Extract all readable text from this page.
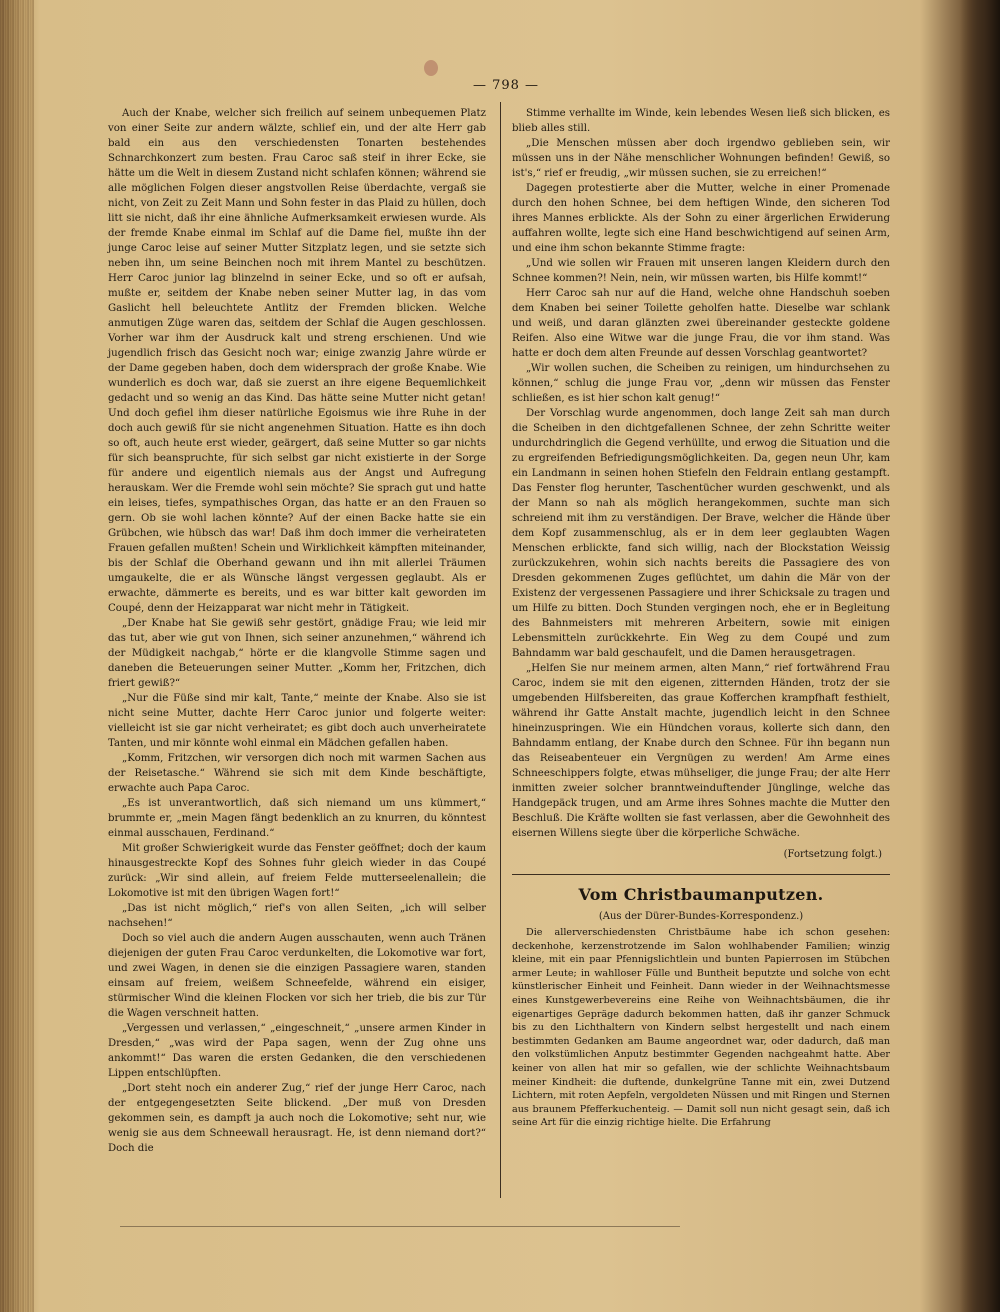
— 798 —

Auch der Knabe, welcher sich freilich auf seinem unbequemen Platz von einer Seite zur andern wälzte, schlief ein, und der alte Herr gab bald ein aus den verschiedensten Tonarten bestehendes Schnarchkonzert zum besten. Frau Caroc saß steif in ihrer Ecke, sie hätte um die Welt in diesem Zustand nicht schlafen können; während sie alle möglichen Folgen dieser angstvollen Reise überdachte, vergaß sie nicht, von Zeit zu Zeit Mann und Sohn fester in das Plaid zu hüllen, doch litt sie nicht, daß ihr eine ähnliche Aufmerksamkeit erwiesen wurde. Als der fremde Knabe einmal im Schlaf auf die Dame fiel, mußte ihn der junge Caroc leise auf seiner Mutter Sitzplatz legen, und sie setzte sich neben ihn, um seine Beinchen noch mit ihrem Mantel zu beschützen. Herr Caroc junior lag blinzelnd in seiner Ecke, und so oft er aufsah, mußte er, seitdem der Knabe neben seiner Mutter lag, in das vom Gaslicht hell beleuchtete Antlitz der Fremden blicken. Welche anmutigen Züge waren das, seitdem der Schlaf die Augen geschlossen. Vorher war ihm der Ausdruck kalt und streng erschienen. Und wie jugendlich frisch das Gesicht noch war; einige zwanzig Jahre würde er der Dame gegeben haben, doch dem widersprach der große Knabe. Wie wunderlich es doch war, daß sie zuerst an ihre eigene Bequemlichkeit gedacht und so wenig an das Kind. Das hätte seine Mutter nicht getan! Und doch gefiel ihm dieser natürliche Egoismus wie ihre Ruhe in der doch auch gewiß für sie nicht angenehmen Situation. Hatte es ihn doch so oft, auch heute erst wieder, geärgert, daß seine Mutter so gar nichts für sich beanspruchte, für sich selbst gar nicht existierte in der Sorge für andere und eigentlich niemals aus der Angst und Aufregung herauskam. Wer die Fremde wohl sein möchte? Sie sprach gut und hatte ein leises, tiefes, sympathisches Organ, das hatte er an den Frauen so gern. Ob sie wohl lachen könnte? Auf der einen Backe hatte sie ein Grübchen, wie hübsch das war! Daß ihm doch immer die verheirateten Frauen gefallen mußten! Schein und Wirklichkeit kämpften miteinander, bis der Schlaf die Oberhand gewann und ihn mit allerlei Träumen umgaukelte, die er als Wünsche längst vergessen geglaubt. Als er erwachte, dämmerte es bereits, und es war bitter kalt geworden im Coupé, denn der Heizapparat war nicht mehr in Tätigkeit.

„Der Knabe hat Sie gewiß sehr gestört, gnädige Frau; wie leid mir das tut, aber wie gut von Ihnen, sich seiner anzunehmen,“ während ich der Müdigkeit nachgab,“ hörte er die klangvolle Stimme sagen und daneben die Beteuerungen seiner Mutter. „Komm her, Fritzchen, dich friert gewiß?“

„Nur die Füße sind mir kalt, Tante,“ meinte der Knabe. Also sie ist nicht seine Mutter, dachte Herr Caroc junior und folgerte weiter: vielleicht ist sie gar nicht verheiratet; es gibt doch auch unverheiratete Tanten, und mir könnte wohl einmal ein Mädchen gefallen haben.

„Komm, Fritzchen, wir versorgen dich noch mit warmen Sachen aus der Reisetasche.“ Während sie sich mit dem Kinde beschäftigte, erwachte auch Papa Caroc.

„Es ist unverantwortlich, daß sich niemand um uns kümmert,“ brummte er, „mein Magen fängt bedenklich an zu knurren, du könntest einmal ausschauen, Ferdinand.“

Mit großer Schwierigkeit wurde das Fenster geöffnet; doch der kaum hinausgestreckte Kopf des Sohnes fuhr gleich wieder in das Coupé zurück: „Wir sind allein, auf freiem Felde mutterseelenallein; die Lokomotive ist mit den übrigen Wagen fort!“

„Das ist nicht möglich,“ rief's von allen Seiten, „ich will selber nachsehen!“

Doch so viel auch die andern Augen ausschauten, wenn auch Tränen diejenigen der guten Frau Caroc verdunkelten, die Lokomotive war fort, und zwei Wagen, in denen sie die einzigen Passagiere waren, standen einsam auf freiem, weißem Schneefelde, während ein eisiger, stürmischer Wind die kleinen Flocken vor sich her trieb, die bis zur Tür die Wagen verschneit hatten.

„Vergessen und verlassen,“ „eingeschneit,“ „unsere armen Kinder in Dresden,“ „was wird der Papa sagen, wenn der Zug ohne uns ankommt!“ Das waren die ersten Gedanken, die den verschiedenen Lippen entschlüpften.

„Dort steht noch ein anderer Zug,“ rief der junge Herr Caroc, nach der entgegengesetzten Seite blickend. „Der muß von Dresden gekommen sein, es dampft ja auch noch die Lokomotive; seht nur, wie wenig sie aus dem Schneewall herausragt. He, ist denn niemand dort?“ Doch die

Stimme verhallte im Winde, kein lebendes Wesen ließ sich blicken, es blieb alles still.

„Die Menschen müssen aber doch irgendwo geblieben sein, wir müssen uns in der Nähe menschlicher Wohnungen befinden! Gewiß, so ist's,“ rief er freudig, „wir müssen suchen, sie zu erreichen!“

Dagegen protestierte aber die Mutter, welche in einer Promenade durch den hohen Schnee, bei dem heftigen Winde, den sicheren Tod ihres Mannes erblickte. Als der Sohn zu einer ärgerlichen Erwiderung auffahren wollte, legte sich eine Hand beschwichtigend auf seinen Arm, und eine ihm schon bekannte Stimme fragte:

„Und wie sollen wir Frauen mit unseren langen Kleidern durch den Schnee kommen?! Nein, nein, wir müssen warten, bis Hilfe kommt!“

Herr Caroc sah nur auf die Hand, welche ohne Handschuh soeben dem Knaben bei seiner Toilette geholfen hatte. Dieselbe war schlank und weiß, und daran glänzten zwei übereinander gesteckte goldene Reifen. Also eine Witwe war die junge Frau, die vor ihm stand. Was hatte er doch dem alten Freunde auf dessen Vorschlag geantwortet?

„Wir wollen suchen, die Scheiben zu reinigen, um hindurchsehen zu können,“ schlug die junge Frau vor, „denn wir müssen das Fenster schließen, es ist hier schon kalt genug!“

Der Vorschlag wurde angenommen, doch lange Zeit sah man durch die Scheiben in den dichtgefallenen Schnee, der zehn Schritte weiter undurchdringlich die Gegend verhüllte, und erwog die Situation und die zu ergreifenden Befriedigungsmöglichkeiten. Da, gegen neun Uhr, kam ein Landmann in seinen hohen Stiefeln den Feldrain entlang gestampft. Das Fenster flog herunter, Taschentücher wurden geschwenkt, und als der Mann so nah als möglich herangekommen, suchte man sich schreiend mit ihm zu verständigen. Der Brave, welcher die Hände über dem Kopf zusammenschlug, als er in dem leer geglaubten Wagen Menschen erblickte, fand sich willig, nach der Blockstation Weissig zurückzukehren, wohin sich nachts bereits die Passagiere des von Dresden gekommenen Zuges geflüchtet, um dahin die Mär von der Existenz der vergessenen Passagiere und ihrer Schicksale zu tragen und um Hilfe zu bitten. Doch Stunden vergingen noch, ehe er in Begleitung des Bahnmeisters mit mehreren Arbeitern, sowie mit einigen Lebensmitteln zurückkehrte. Ein Weg zu dem Coupé und zum Bahndamm war bald geschaufelt, und die Damen herausgetragen.

„Helfen Sie nur meinem armen, alten Mann,“ rief fortwährend Frau Caroc, indem sie mit den eigenen, zitternden Händen, trotz der sie umgebenden Hilfsbereiten, das graue Kofferchen krampfhaft festhielt, während ihr Gatte Anstalt machte, jugendlich leicht in den Schnee hineinzuspringen. Wie ein Hündchen voraus, kollerte sich dann, den Bahndamm entlang, der Knabe durch den Schnee. Für ihn begann nun das Reiseabenteuer ein Vergnügen zu werden! Am Arme eines Schneeschippers folgte, etwas mühseliger, die junge Frau; der alte Herr inmitten zweier solcher branntweinduftender Jünglinge, welche das Handgepäck trugen, und am Arme ihres Sohnes machte die Mutter den Beschluß. Die Kräfte wollten sie fast verlassen, aber die Gewohnheit des eisernen Willens siegte über die körperliche Schwäche.

(Fortsetzung folgt.)

Vom Christbaumanputzen.

(Aus der Dürer-Bundes-Korrespondenz.)

Die allerverschiedensten Christbäume habe ich schon gesehen: deckenhohe, kerzenstrotzende im Salon wohlhabender Familien; winzig kleine, mit ein paar Pfennigslichtlein und bunten Papierrosen im Stübchen armer Leute; in wahlloser Fülle und Buntheit beputzte und solche von echt künstlerischer Einheit und Feinheit. Dann wieder in der Weihnachtsmesse eines Kunstgewerbevereins eine Reihe von Weihnachtsbäumen, die ihr eigenartiges Gepräge dadurch bekommen hatten, daß ihr ganzer Schmuck bis zu den Lichthaltern von Kindern selbst hergestellt und nach einem bestimmten Gedanken am Baume angeordnet war, oder dadurch, daß man den volkstümlichen Anputz bestimmter Gegenden nachgeahmt hatte. Aber keiner von allen hat mir so gefallen, wie der schlichte Weihnachtsbaum meiner Kindheit: die duftende, dunkelgrüne Tanne mit ein, zwei Dutzend Lichtern, mit roten Aepfeln, vergoldeten Nüssen und mit Ringen und Sternen aus braunem Pfefferkuchenteig. — Damit soll nun nicht gesagt sein, daß ich seine Art für die einzig richtige hielte. Die Erfahrung
